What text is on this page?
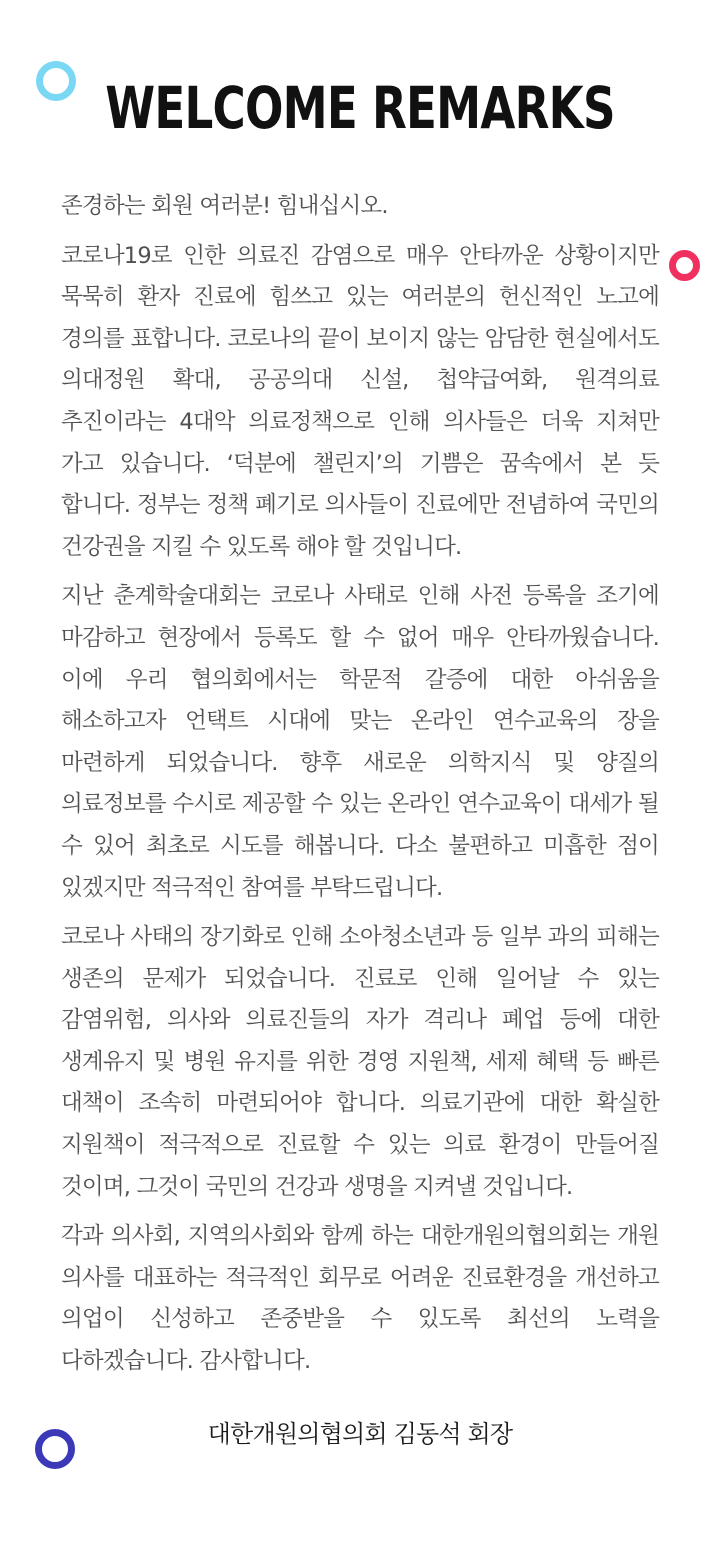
WELCOME REMARKS

존경하는 회원 여러분! 힘내십시오.

코로나19로 인한 의료진 감염으로 매우 안타까운 상황이지만 묵묵히 환자 진료에 힘쓰고 있는 여러분의 헌신적인 노고에 경의를 표합니다. 코로나의 끝이 보이지 않는 암담한 현실에서도 의대정원 확대, 공공의대 신설, 첩약급여화, 원격의료 추진이라는 4대악 의료정책으로 인해 의사들은 더욱 지쳐만 가고 있습니다. ‘덕분에 챌린지’의 기쁨은 꿈속에서 본 듯 합니다. 정부는 정책 폐기로 의사들이 진료에만 전념하여 국민의 건강권을 지킬 수 있도록 해야 할 것입니다.

지난 춘계학술대회는 코로나 사태로 인해 사전 등록을 조기에 마감하고 현장에서 등록도 할 수 없어 매우 안타까웠습니다. 이에 우리 협의회에서는 학문적 갈증에 대한 아쉬움을 해소하고자 언택트 시대에 맞는 온라인 연수교육의 장을 마련하게 되었습니다. 향후 새로운 의학지식 및 양질의 의료정보를 수시로 제공할 수 있는 온라인 연수교육이 대세가 될 수 있어 최초로 시도를 해봅니다. 다소 불편하고 미흡한 점이 있겠지만 적극적인 참여를 부탁드립니다.

코로나 사태의 장기화로 인해 소아청소년과 등 일부 과의 피해는 생존의 문제가 되었습니다. 진료로 인해 일어날 수 있는 감염위험, 의사와 의료진들의 자가 격리나 폐업 등에 대한 생계유지 및 병원 유지를 위한 경영 지원책, 세제 혜택 등 빠른 대책이 조속히 마련되어야 합니다. 의료기관에 대한 확실한 지원책이 적극적으로 진료할 수 있는 의료 환경이 만들어질 것이며, 그것이 국민의 건강과 생명을 지켜낼 것입니다.

각과 의사회, 지역의사회와 함께 하는 대한개원의협의회는 개원 의사를 대표하는 적극적인 회무로 어려운 진료환경을 개선하고 의업이 신성하고 존중받을 수 있도록 최선의 노력을 다하겠습니다. 감사합니다.

대한개원의협의회 김동석 회장
